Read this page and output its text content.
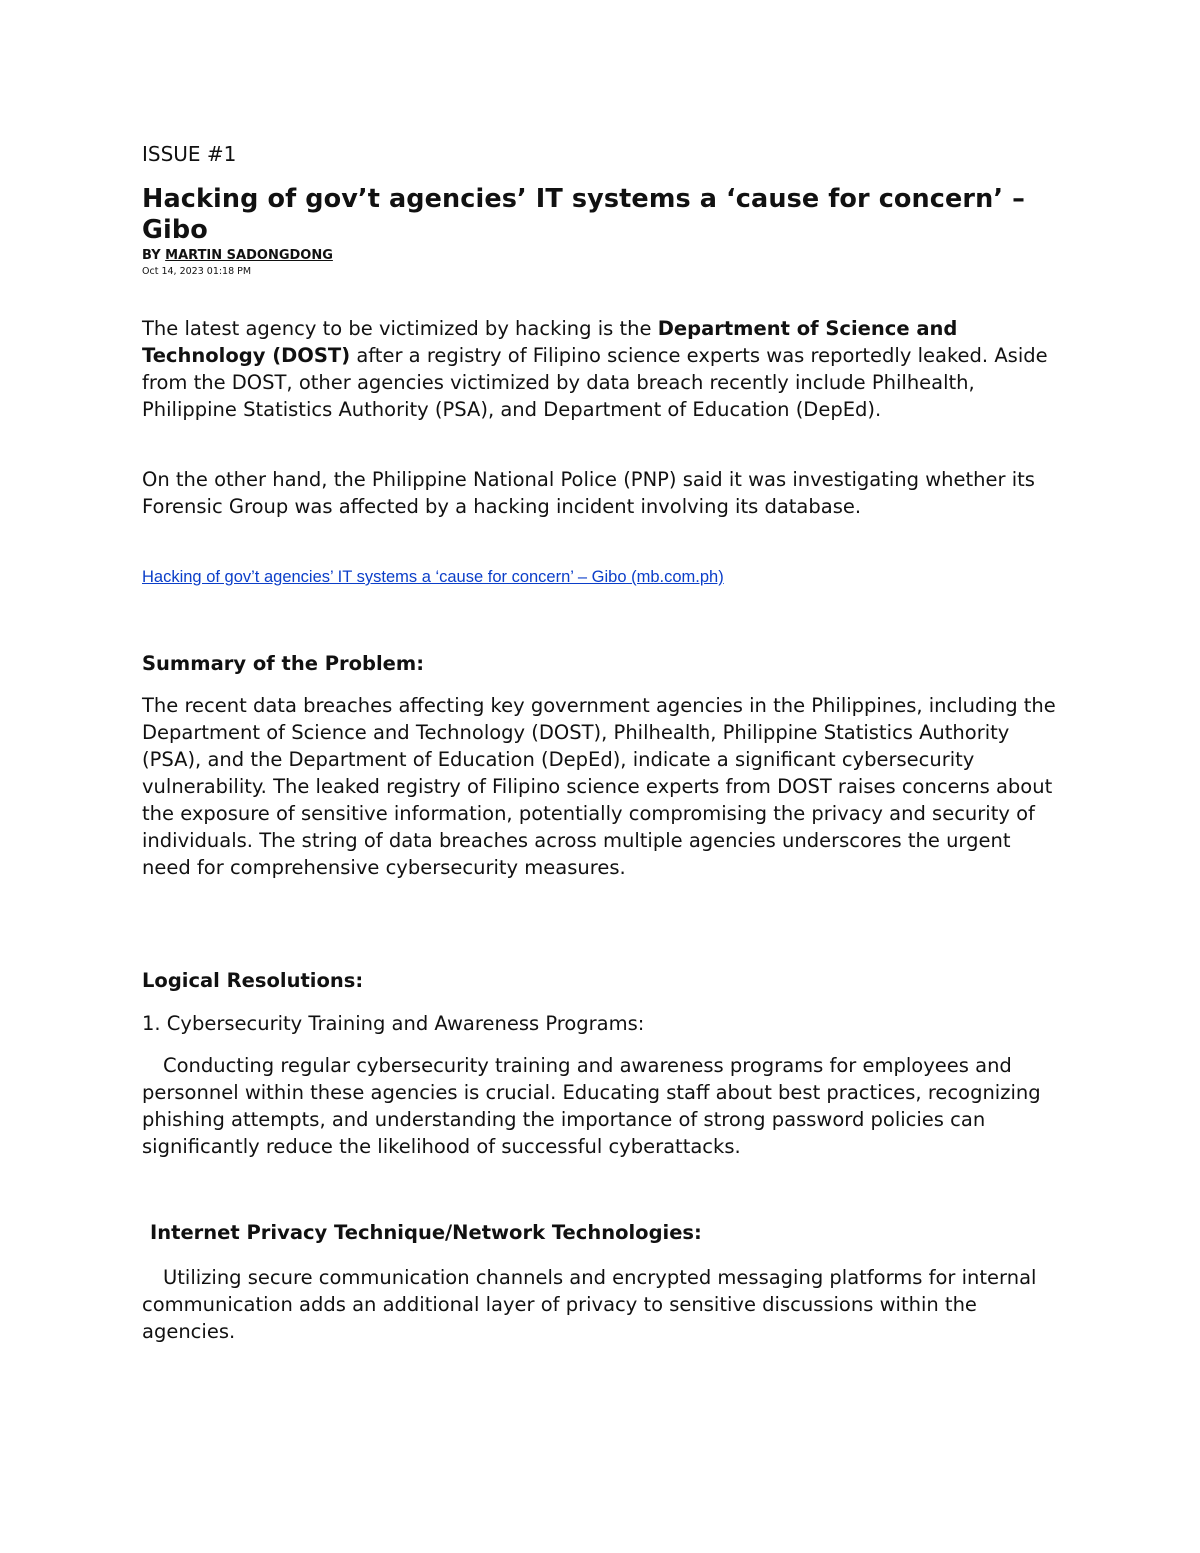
ISSUE #1

Hacking of gov’t agencies’ IT systems a ‘cause for concern’ – Gibo
BY MARTIN SADONGDONG
Oct 14, 2023 01:18 PM

The latest agency to be victimized by hacking is the Department of Science and Technology (DOST) after a registry of Filipino science experts was reportedly leaked. Aside from the DOST, other agencies victimized by data breach recently include Philhealth, Philippine Statistics Authority (PSA), and Department of Education (DepEd).

On the other hand, the Philippine National Police (PNP) said it was investigating whether its Forensic Group was affected by a hacking incident involving its database.

Hacking of gov’t agencies’ IT systems a ‘cause for concern’ – Gibo (mb.com.ph)
Summary of the Problem:

The recent data breaches affecting key government agencies in the Philippines, including the Department of Science and Technology (DOST), Philhealth, Philippine Statistics Authority (PSA), and the Department of Education (DepEd), indicate a significant cybersecurity vulnerability. The leaked registry of Filipino science experts from DOST raises concerns about the exposure of sensitive information, potentially compromising the privacy and security of individuals. The string of data breaches across multiple agencies underscores the urgent need for comprehensive cybersecurity measures.

Logical Resolutions:

1. Cybersecurity Training and Awareness Programs:

Conducting regular cybersecurity training and awareness programs for employees and personnel within these agencies is crucial. Educating staff about best practices, recognizing phishing attempts, and understanding the importance of strong password policies can significantly reduce the likelihood of successful cyberattacks.

Internet Privacy Technique/Network Technologies:

Utilizing secure communication channels and encrypted messaging platforms for internal communication adds an additional layer of privacy to sensitive discussions within the agencies.
